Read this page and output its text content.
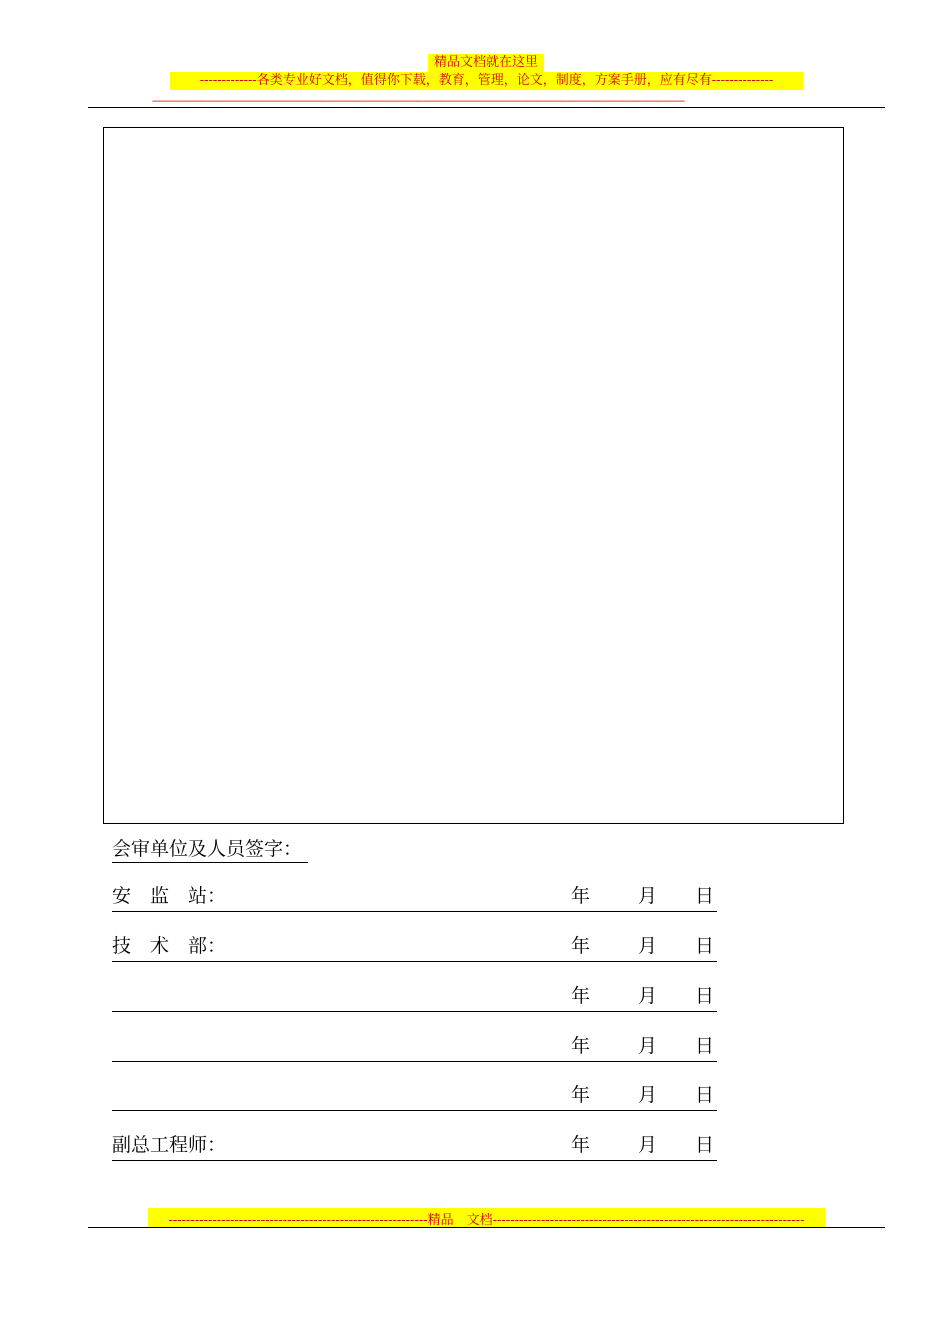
精品文档就在这里
-------------各类专业好文档，值得你下载，教育，管理，论文，制度，方案手册，应有尽有--------------
------------------------------------------------------------------------------------------------------------------------------------------------------------------------------------------------------------
会审单位及人员签字：
安　监　站：	年	月 日
技　术　部：	年	月 日
年	月 日
年	月 日
年	月 日
副总工程师：	年	月 日
-----------------------------------------------------------精品　文档-----------------------------------------------------------------------
